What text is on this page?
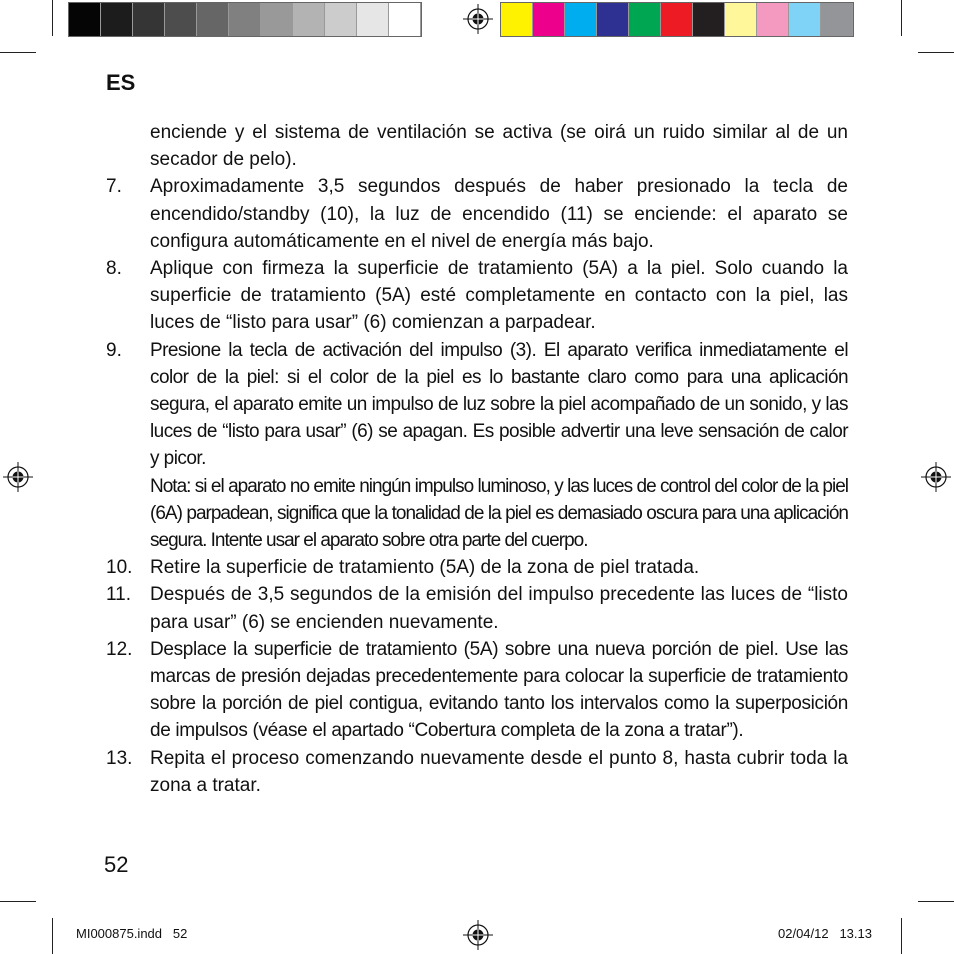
ES
enciende y el sistema de ventilación se activa (se oirá un ruido similar al de un secador de pelo).
7.	Aproximadamente 3,5 segundos después de haber presionado la tecla de encendido/standby (10), la luz de encendido (11) se enciende: el aparato se configura automáticamente en el nivel de energía más bajo.
8.	Aplique con firmeza la superficie de tratamiento (5A) a la piel. Solo cuando la superficie de tratamiento (5A) esté completamente en contacto con la piel, las luces de “listo para usar” (6) comienzan a parpadear.
9.	Presione la tecla de activación del impulso (3). El aparato verifica inmediatamente el color de la piel: si el color de la piel es lo bastante claro como para una aplicación segura, el aparato emite un impulso de luz sobre la piel acompañado de un sonido, y las luces de “listo para usar” (6) se apagan. Es posible advertir una leve sensación de calor y picor.
Nota: si el aparato no emite ningún impulso luminoso, y las luces de control del color de la piel (6A) parpadean, significa que la tonalidad de la piel es demasiado oscura para una aplicación segura. Intente usar el aparato sobre otra parte del cuerpo.
10. Retire la superficie de tratamiento (5A) de la zona de piel tratada.
11. Después de 3,5 segundos de la emisión del impulso precedente las luces de “listo para usar” (6) se encienden nuevamente.
12. Desplace la superficie de tratamiento (5A) sobre una nueva porción de piel. Use las marcas de presión dejadas precedentemente para colocar la superficie de tratamiento sobre la porción de piel contigua, evitando tanto los intervalos como la superposición de impulsos (véase el apartado “Cobertura completa de la zona a tratar”).
13. Repita el proceso comenzando nuevamente desde el punto 8, hasta cubrir toda la zona a tratar.
52
MI000875.indd   52	02/04/12   13.13
